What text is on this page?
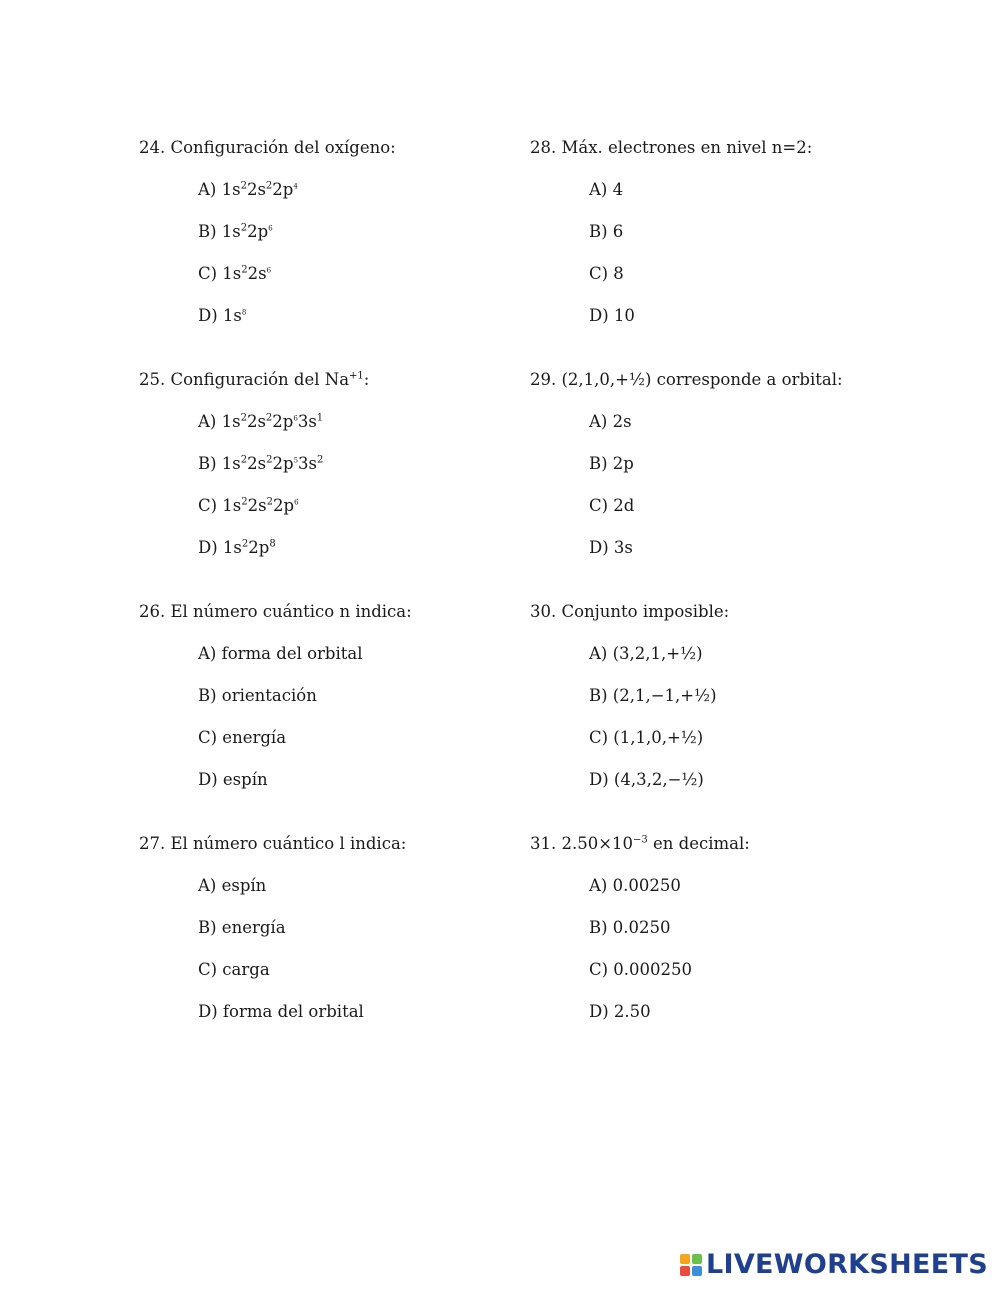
24. Configuración del oxígeno:
A) $1s^22s^22p^4$
B) $1s^22p^6$
C) $1s^22s^6$
D) $1s^8$
25. Configuración del $Na^{+1}$:
A) $1s^22s^22p^63s^1$
B) $1s^22s^22p^53s^2$
C) $1s^22s^22p^6$
D) $1s^22p^8$
26. El número cuántico n indica:
A) forma del orbital
B) orientación
C) energía
D) espín
27. El número cuántico l indica:
A) espín
B) energía
C) carga
D) forma del orbital
28. Máx. electrones en nivel n=2:
A) 4
B) 6
C) 8
D) 10
29. (2,1,0,+½) corresponde a orbital:
A) 2s
B) 2p
C) 2d
D) 3s
30. Conjunto imposible:
A) (3,2,1,+½)
B) (2,1,−1,+½)
C) (1,1,0,+½)
D) (4,3,2,−½)
31. $2.50\times 10^{-3}$ en decimal:
A) 0.00250
B) 0.0250
C) 0.000250
D) 2.50
LIVEWORKSHEETS
